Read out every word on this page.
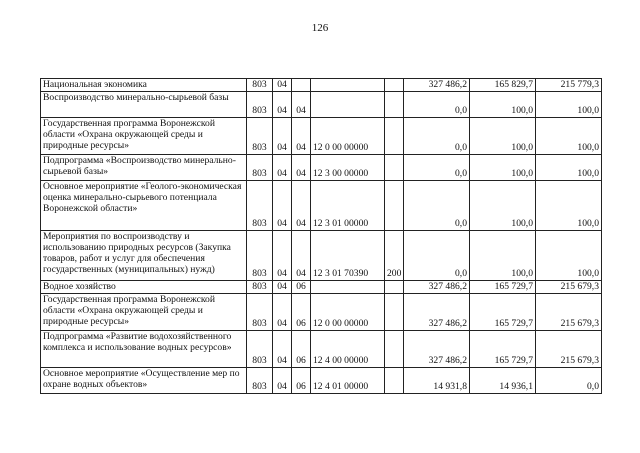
126
Национальная экономика	803	04				327 486,2	165 829,7	215 779,3
Воспроизводство минерально-сырьевой базы	803	04	04			0,0	100,0	100,0
Государственная программа Воронежской области «Охрана окружающей среды и природные ресурсы»	803	04	04	12 0 00 00000		0,0	100,0	100,0
Подпрограмма «Воспроизводство минерально-сырьевой базы»	803	04	04	12 3 00 00000		0,0	100,0	100,0
Основное мероприятие «Геолого-экономическая оценка минерально-сырьевого потенциала Воронежской области»	803	04	04	12 3 01 00000		0,0	100,0	100,0
Мероприятия по воспроизводству и использованию природных ресурсов (Закупка товаров, работ и услуг для обеспечения государственных (муниципальных) нужд)	803	04	04	12 3 01 70390	200	0,0	100,0	100,0
Водное хозяйство	803	04	06			327 486,2	165 729,7	215 679,3
Государственная программа Воронежской области «Охрана окружающей среды и природные ресурсы»	803	04	06	12 0 00 00000		327 486,2	165 729,7	215 679,3
Подпрограмма «Развитие водохозяйственного комплекса и использование водных ресурсов»	803	04	06	12 4 00 00000		327 486,2	165 729,7	215 679,3
Основное мероприятие «Осуществление мер по охране водных объектов»	803	04	06	12 4 01 00000		14 931,8	14 936,1	0,0
